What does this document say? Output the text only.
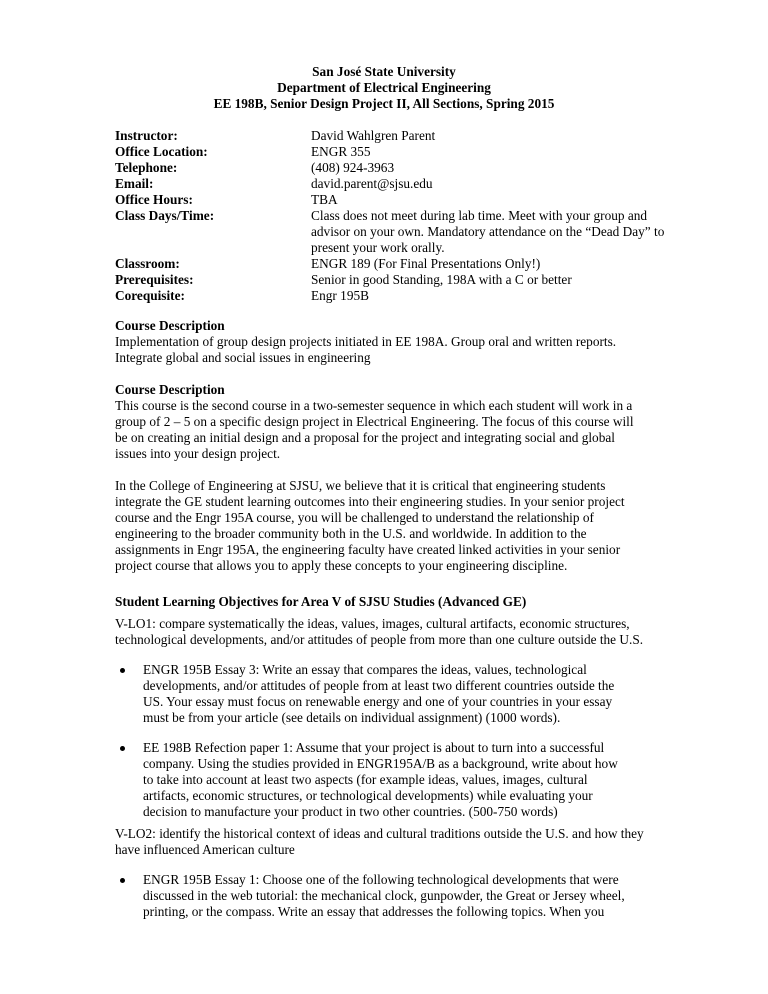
San José State University
Department of Electrical Engineering
EE 198B, Senior Design Project II, All Sections, Spring 2015
Instructor:	David Wahlgren Parent
Office Location:	ENGR 355
Telephone:	(408) 924-3963
Email:	david.parent@sjsu.edu
Office Hours:	TBA
Class Days/Time:	Class does not meet during lab time. Meet with your group and
advisor on your own. Mandatory attendance on the “Dead Day” to
present your work orally.
Classroom:	ENGR 189 (For Final Presentations Only!)
Prerequisites:	Senior in good Standing, 198A with a C or better
Corequisite:	Engr 195B
Course Description
Implementation of group design projects initiated in EE 198A. Group oral and written reports.
Integrate global and social issues in engineering
Course Description
This course is the second course in a two-semester sequence in which each student will work in a
group of 2 – 5 on a specific design project in Electrical Engineering. The focus of this course will
be on creating an initial design and a proposal for the project and integrating social and global
issues into your design project.
In the College of Engineering at SJSU, we believe that it is critical that engineering students
integrate the GE student learning outcomes into their engineering studies. In your senior project
course and the Engr 195A course, you will be challenged to understand the relationship of
engineering to the broader community both in the U.S. and worldwide. In addition to the
assignments in Engr 195A, the engineering faculty have created linked activities in your senior
project course that allows you to apply these concepts to your engineering discipline.
Student Learning Objectives for Area V of SJSU Studies (Advanced GE)
V-LO1: compare systematically the ideas, values, images, cultural artifacts, economic structures,
technological developments, and/or attitudes of people from more than one culture outside the U.S.
ENGR 195B Essay 3: Write an essay that compares the ideas, values, technological
developments, and/or attitudes of people from at least two different countries outside the
US. Your essay must focus on renewable energy and one of your countries in your essay
must be from your article (see details on individual assignment) (1000 words).
EE 198B Refection paper 1: Assume that your project is about to turn into a successful
company. Using the studies provided in ENGR195A/B as a background, write about how
to take into account at least two aspects (for example ideas, values, images, cultural
artifacts, economic structures, or technological developments) while evaluating your
decision to manufacture your product in two other countries. (500-750 words)
V-LO2: identify the historical context of ideas and cultural traditions outside the U.S. and how they
have influenced American culture
ENGR 195B Essay 1: Choose one of the following technological developments that were
discussed in the web tutorial: the mechanical clock, gunpowder, the Great or Jersey wheel,
printing, or the compass. Write an essay that addresses the following topics. When you
